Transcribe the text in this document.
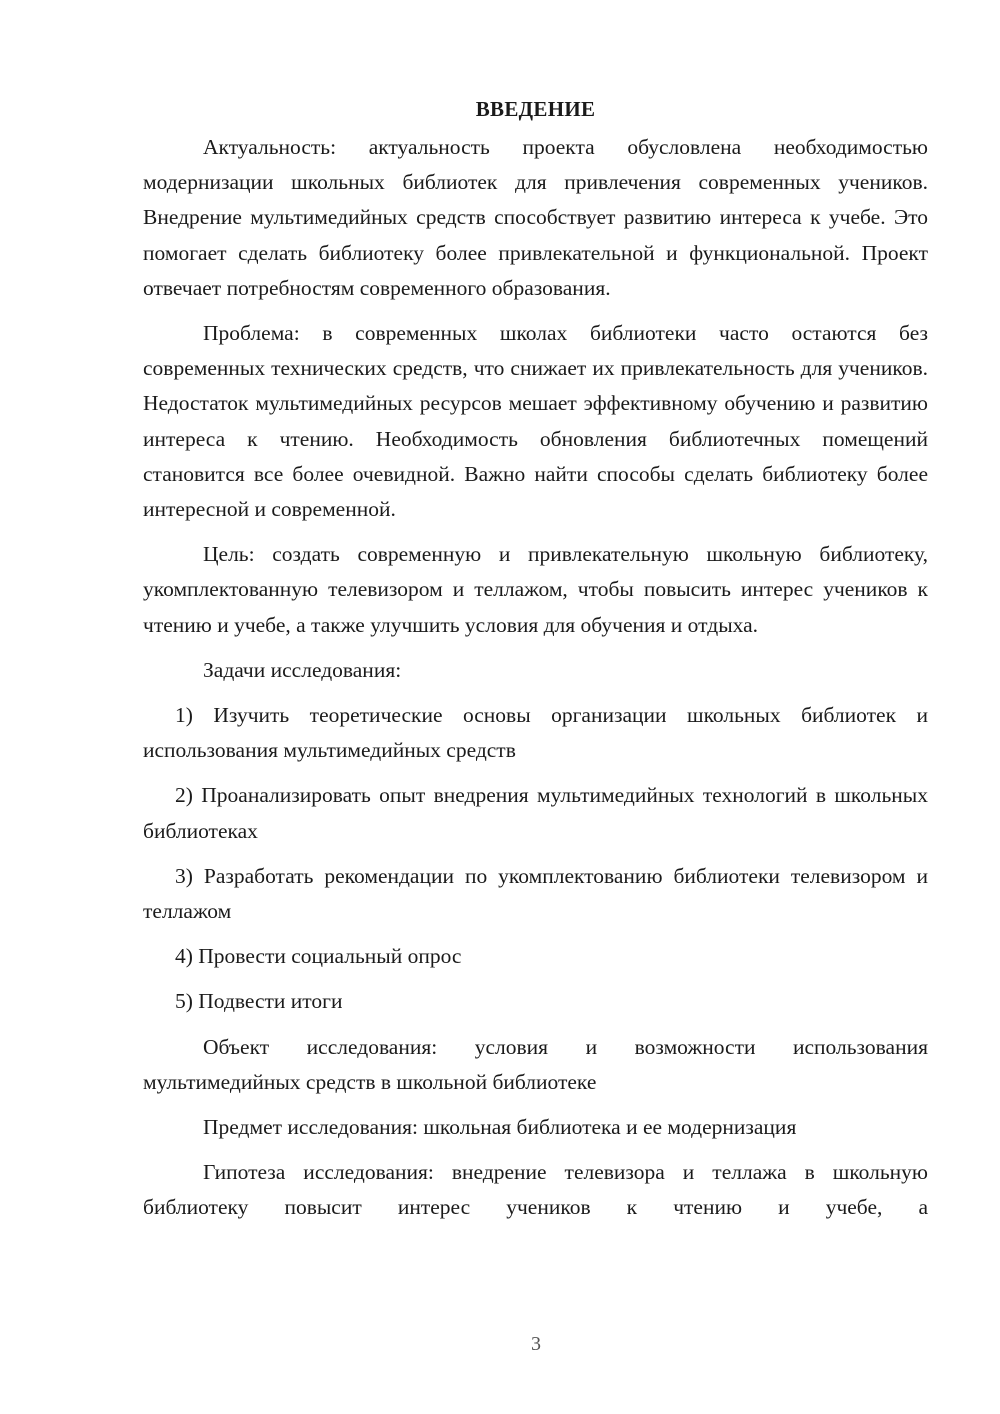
ВВЕДЕНИЕ

Актуальность: актуальность проекта обусловлена необходимостью модернизации школьных библиотек для привлечения современных учеников. Внедрение мультимедийных средств способствует развитию интереса к учебе. Это помогает сделать библиотеку более привлекательной и функциональной. Проект отвечает потребностям современного образования.

Проблема: в современных школах библиотеки часто остаются без современных технических средств, что снижает их привлекательность для учеников. Недостаток мультимедийных ресурсов мешает эффективному обучению и развитию интереса к чтению. Необходимость обновления библиотечных помещений становится все более очевидной. Важно найти способы сделать библиотеку более интересной и современной.

Цель: создать современную и привлекательную школьную библиотеку, укомплектованную телевизором и теллажом, чтобы повысить интерес учеников к чтению и учебе, а также улучшить условия для обучения и отдыха.

Задачи исследования:

1) Изучить теоретические основы организации школьных библиотек и использования мультимедийных средств

2) Проанализировать опыт внедрения мультимедийных технологий в школьных библиотеках

3) Разработать рекомендации по укомплектованию библиотеки телевизором и теллажом

4) Провести социальный опрос

5) Подвести итоги

Объект исследования: условия и возможности использования мультимедийных средств в школьной библиотеке

Предмет исследования: школьная библиотека и ее модернизация

Гипотеза исследования: внедрение телевизора и теллажа в школьную библиотеку повысит интерес учеников к чтению и учебе, а

3
